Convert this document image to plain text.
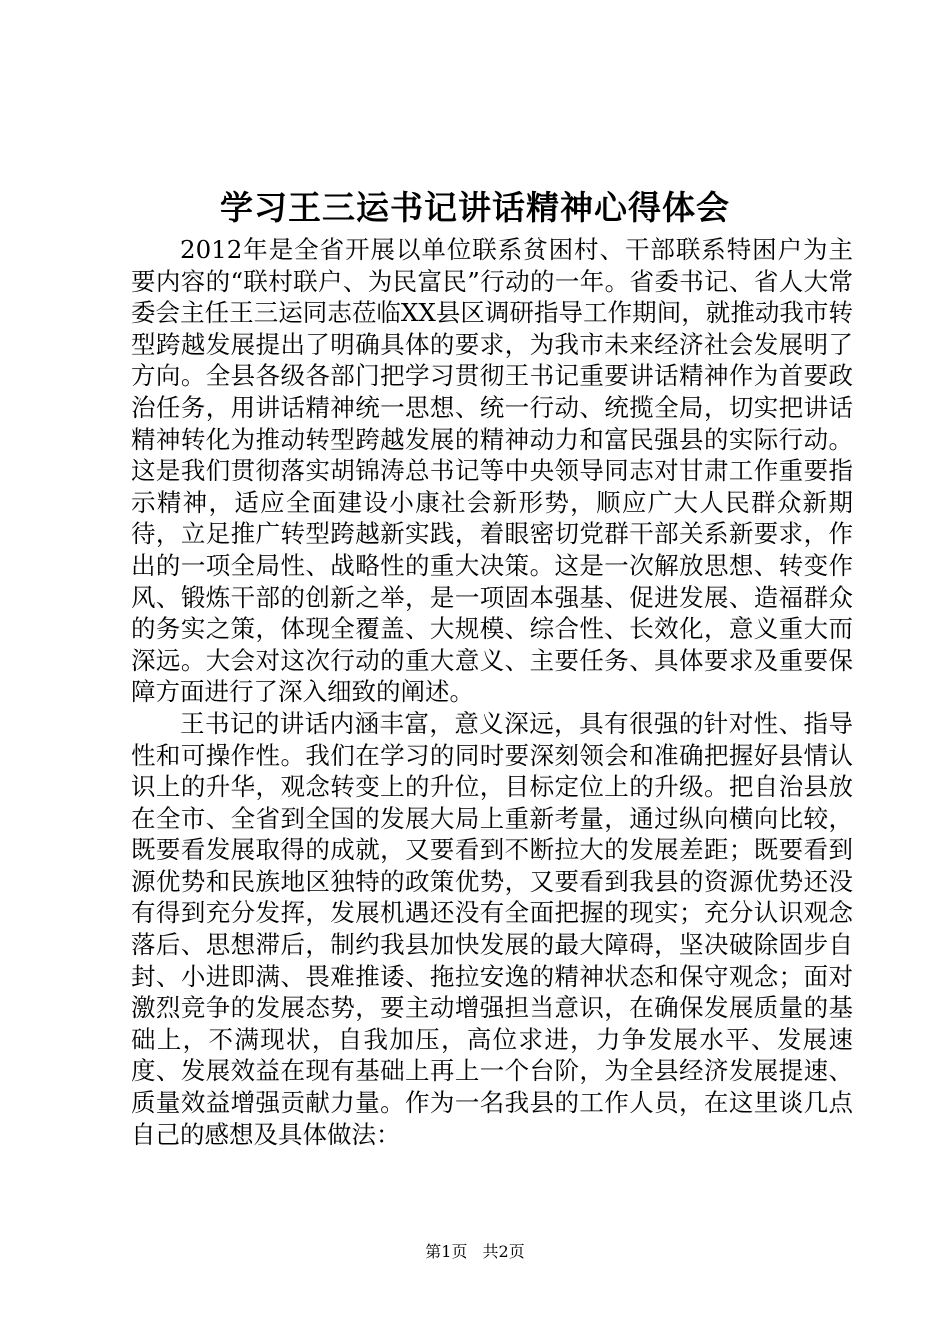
学习王三运书记讲话精神心得体会

2012年是全省开展以单位联系贫困村、干部联系特困户为主要内容的“联村联户、为民富民”行动的一年。省委书记、省人大常委会主任王三运同志莅临XX县区调研指导工作期间，就推动我市转型跨越发展提出了明确具体的要求，为我市未来经济社会发展明了方向。全县各级各部门把学习贯彻王书记重要讲话精神作为首要政治任务，用讲话精神统一思想、统一行动、统揽全局，切实把讲话精神转化为推动转型跨越发展的精神动力和富民强县的实际行动。这是我们贯彻落实胡锦涛总书记等中央领导同志对甘肃工作重要指示精神，适应全面建设小康社会新形势，顺应广大人民群众新期待，立足推广转型跨越新实践，着眼密切党群干部关系新要求，作出的一项全局性、战略性的重大决策。这是一次解放思想、转变作风、锻炼干部的创新之举，是一项固本强基、促进发展、造福群众的务实之策，体现全覆盖、大规模、综合性、长效化，意义重大而深远。大会对这次行动的重大意义、主要任务、具体要求及重要保障方面进行了深入细致的阐述。

王书记的讲话内涵丰富，意义深远，具有很强的针对性、指导性和可操作性。我们在学习的同时要深刻领会和准确把握好县情认识上的升华，观念转变上的升位，目标定位上的升级。把自治县放在全市、全省到全国的发展大局上重新考量，通过纵向横向比较，既要看发展取得的成就，又要看到不断拉大的发展差距；既要看到源优势和民族地区独特的政策优势，又要看到我县的资源优势还没有得到充分发挥，发展机遇还没有全面把握的现实；充分认识观念落后、思想滞后，制约我县加快发展的最大障碍，坚决破除固步自封、小进即满、畏难推诿、拖拉安逸的精神状态和保守观念；面对激烈竞争的发展态势，要主动增强担当意识，在确保发展质量的基础上，不满现状，自我加压，高位求进，力争发展水平、发展速度、发展效益在现有基础上再上一个台阶，为全县经济发展提速、质量效益增强贡献力量。作为一名我县的工作人员，在这里谈几点自己的感想及具体做法：

第1页 共2页
